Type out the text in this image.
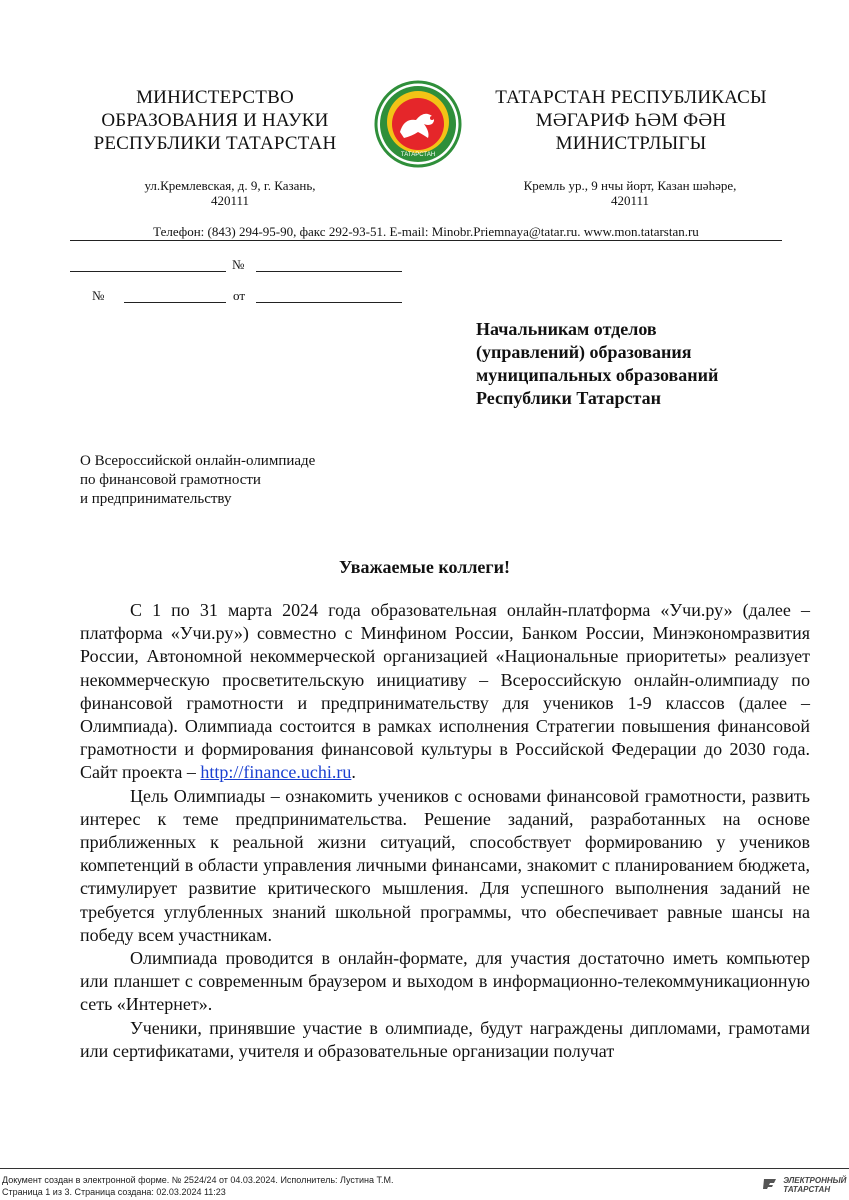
МИНИСТЕРСТВО
ОБРАЗОВАНИЯ И НАУКИ
РЕСПУБЛИКИ ТАТАРСТАН
ТАТАРСТАН
ТАТАРСТАН РЕСПУБЛИКАСЫ
МӘГАРИФ ҺӘМ ФӘН
МИНИСТРЛЫГЫ
ул.Кремлевская, д. 9, г. Казань,
420111
Кремль ур., 9 нчы йорт, Казан шәһәре,
420111
Телефон: (843) 294-95-90, факс 292-93-51. E-mail: Minobr.Priemnaya@tatar.ru. www.mon.tatarstan.ru
№
№	от
Начальникам отделов
(управлений) образования
муниципальных образований
Республики Татарстан
О Всероссийской онлайн-олимпиаде
по финансовой грамотности
и предпринимательству
Уважаемые коллеги!

С 1 по 31 марта 2024 года образовательная онлайн-платформа «Учи.ру» (далее – платформа «Учи.ру») совместно с Минфином России, Банком России, Минэкономразвития России, Автономной некоммерческой организацией «Национальные приоритеты» реализует некоммерческую просветительскую инициативу – Всероссийскую онлайн-олимпиаду по финансовой грамотности и предпринимательству для учеников 1-9 классов (далее – Олимпиада). Олимпиада состоится в рамках исполнения Стратегии повышения финансовой грамотности и формирования финансовой культуры в Российской Федерации до 2030 года. Сайт проекта – http://finance.uchi.ru.

Цель Олимпиады – ознакомить учеников с основами финансовой грамотности, развить интерес к теме предпринимательства. Решение заданий, разработанных на основе приближенных к реальной жизни ситуаций, способствует формированию у учеников компетенций в области управления личными финансами, знакомит с планированием бюджета, стимулирует развитие критического мышления. Для успешного выполнения заданий не требуется углубленных знаний школьной программы, что обеспечивает равные шансы на победу всем участникам.

Олимпиада проводится в онлайн-формате, для участия достаточно иметь компьютер или планшет с современным браузером и выходом в информационно-телекоммуникационную сеть «Интернет».

Ученики, принявшие участие в олимпиаде, будут награждены дипломами, грамотами или сертификатами, учителя и образовательные организации получат

Документ создан в электронной форме. № 2524/24 от 04.03.2024. Исполнитель: Лустина Т.М.
Страница 1 из 3. Страница создана: 02.03.2024 11:23

ЭЛЕКТРОННЫЙ
ТАТАРСТАН
